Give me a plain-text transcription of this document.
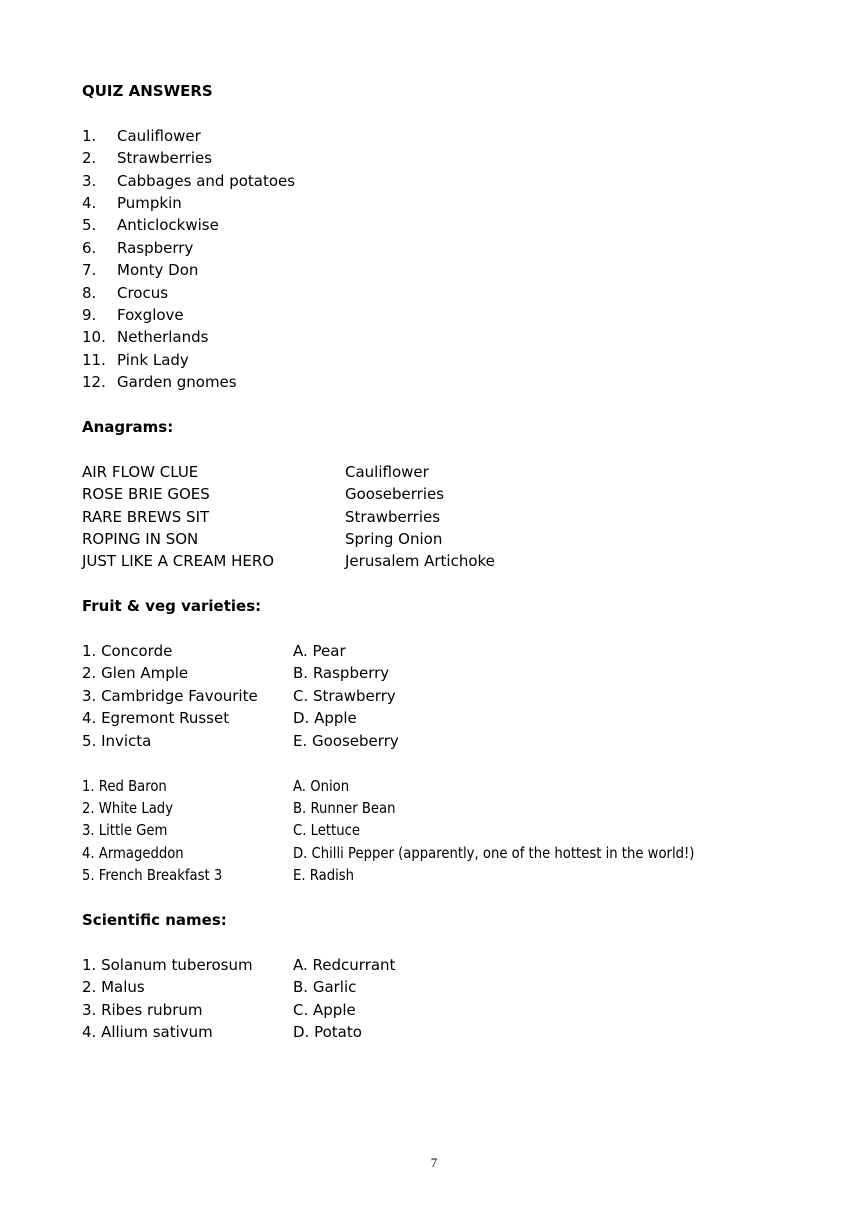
QUIZ ANSWERS
1. Cauliflower
2. Strawberries
3. Cabbages and potatoes
4. Pumpkin
5. Anticlockwise
6. Raspberry
7. Monty Don
8. Crocus
9. Foxglove
10. Netherlands
11. Pink Lady
12. Garden gnomes
Anagrams:
AIR FLOW CLUE	Cauliflower
ROSE BRIE GOES	Gooseberries
RARE BREWS SIT	Strawberries
ROPING IN SON	Spring Onion
JUST LIKE A CREAM HERO	Jerusalem Artichoke
Fruit & veg varieties:
1. Concorde	A. Pear
2. Glen Ample	B. Raspberry
3. Cambridge Favourite C. Strawberry
4. Egremont Russet	D. Apple
5. Invicta	E. Gooseberry
1. Red Baron	A. Onion
2. White Lady	B. Runner Bean
3. Little Gem	C. Lettuce
4. Armageddon	D. Chilli Pepper (apparently, one of the hottest in the world!)
5. French Breakfast 3	E. Radish
Scientific names:
1. Solanum tuberosum	A. Redcurrant
2. Malus	B. Garlic
3. Ribes rubrum	C. Apple
4. Allium sativum	D. Potato
7
